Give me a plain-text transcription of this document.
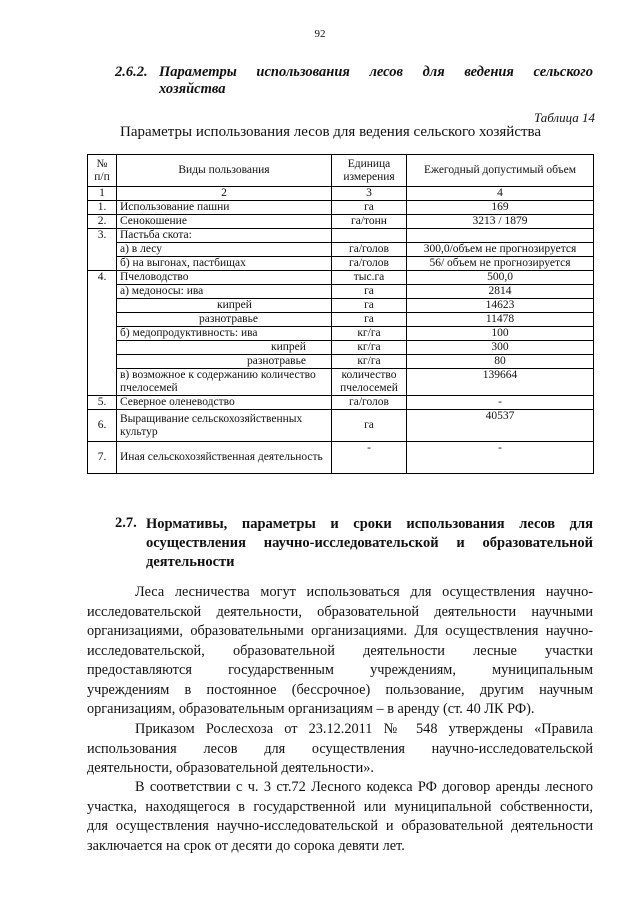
92
2.6.2. Параметры использования лесов для ведения сельского
хозяйства
Таблица 14
Параметры использования лесов для ведения сельского хозяйства
№ п/п	Виды пользования	Единица измерения	Ежегодный допустимый объем
1	2	3	4
1.	Использование пашни	га	169
2.	Сенокошение	га/тонн	3213 / 1879
3.	Пастьба скота:		
	а) в лесу	га/голов	300,0/объем не прогнозируется
	б) на выгонах, пастбищах	га/голов	56/ объем не прогнозируется
4.	Пчеловодство	тыс.га	500,0
	а) медоносы: ива	га	2814
	кипрей	га	14623
	разнотравье	га	11478
	б) медопродуктивность: ива	кг/га	100
	кипрей	кг/га	300
	разнотравье	кг/га	80
	в) возможное к содержанию количество пчелосемей	количество пчелосемей	139664
5.	Северное оленеводство	га/голов	-
6.	Выращивание сельскохозяйственных культур	га	40537
7.	Иная сельскохозяйственная деятельность	-	-
2.7. Нормативы, параметры и сроки использования лесов для
осуществления научно-исследовательской и образовательной
деятельности
Леса лесничества могут использоваться для осуществления научно-
исследовательской деятельности, образовательной деятельности научными
организациями, образовательными организациями. Для осуществления научно-
исследовательской, образовательной деятельности лесные участки
предоставляются государственным учреждениям, муниципальным
учреждениям в постоянное (бессрочное) пользование, другим научным
организациям, образовательным организациям – в аренду (ст. 40 ЛК РФ).
Приказом Рослесхоза от 23.12.2011 № 548 утверждены «Правила
использования лесов для осуществления научно-исследовательской
деятельности, образовательной деятельности».
В соответствии с ч. 3 ст.72 Лесного кодекса РФ договор аренды лесного
участка, находящегося в государственной или муниципальной собственности,
для осуществления научно-исследовательской и образовательной деятельности
заключается на срок от десяти до сорока девяти лет.
